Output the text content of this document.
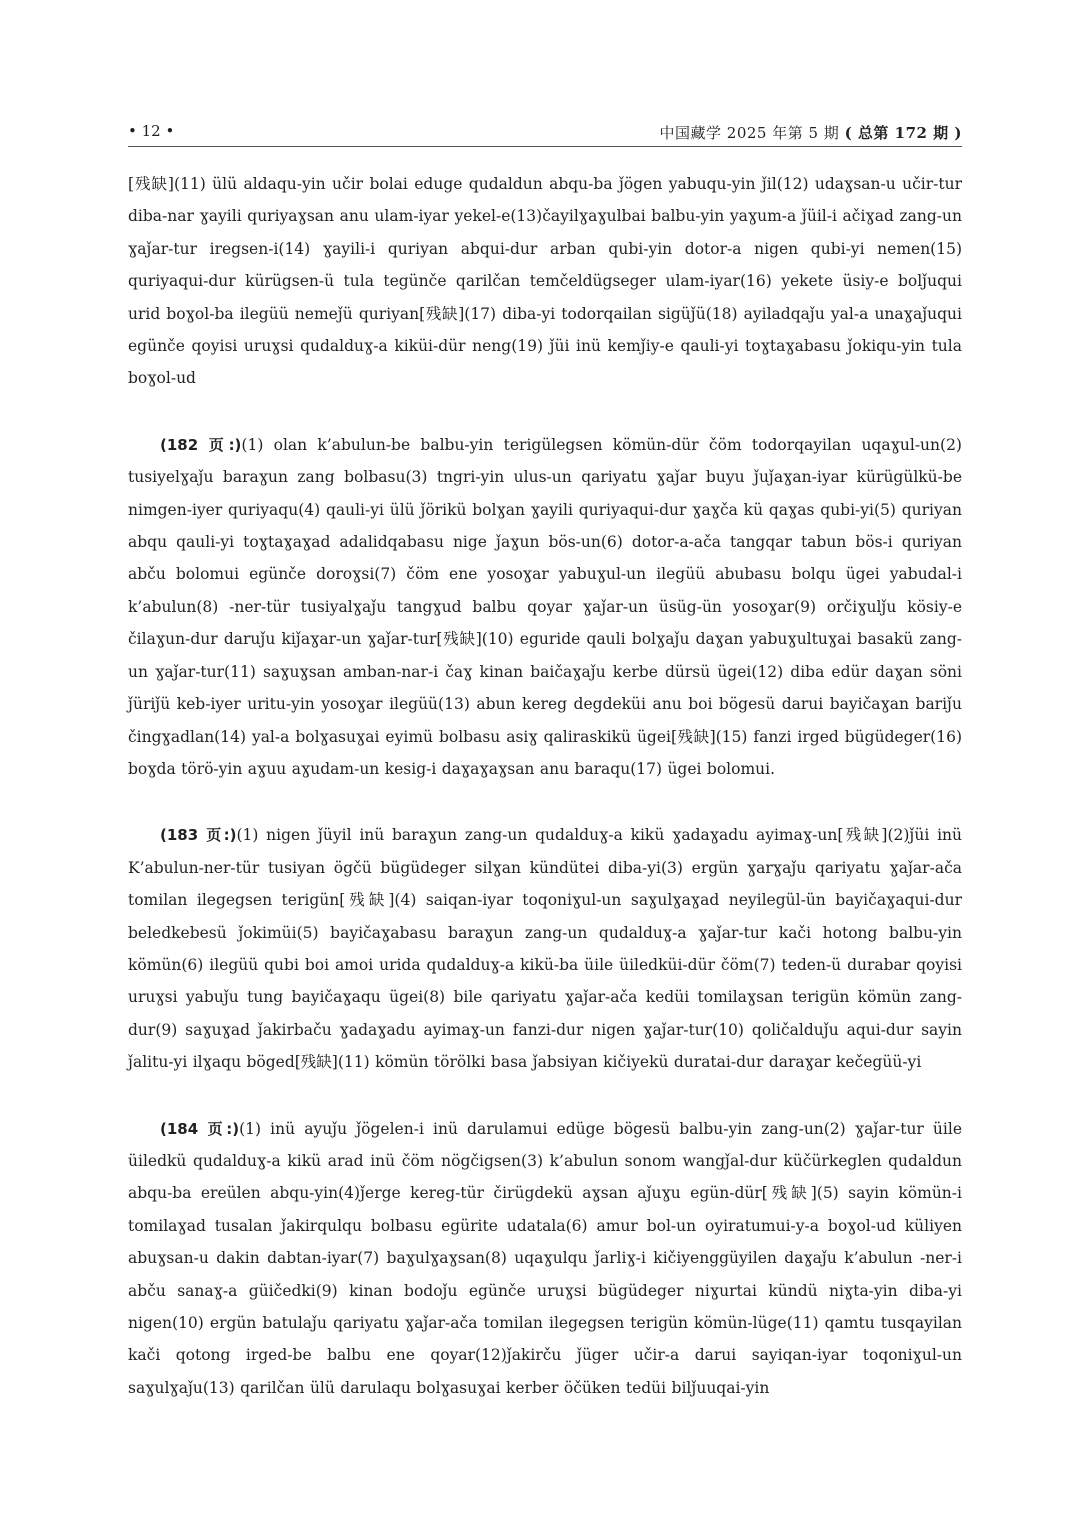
• 12 •	中国藏学 2025 年第 5 期 ( 总第 172 期 )

[残缺](11) ülü aldaqu-yin učir bolai eduge qudaldun abqu-ba ǰögen yabuqu-yin ǰil(12) udaɣsan-u učir-tur diba-nar ɣayili quriyaɣsan anu ulam-iyar yekel-e(13)čayilɣaɣulbai balbu-yin yaɣum-a ǰüil-i ačiɣad zang-un ɣaǰar-tur iregsen-i(14) ɣayili-i quriyan abqui-dur arban qubi-yin dotor-a nigen qubi-yi nemen(15) quriyaqui-dur kürügsen-ü tula tegünče qarilčan temčeldügseger ulam-iyar(16) yekete üsiy-e bolǰuqui urid boɣol-ba ilegüü nemeǰü quriyan[残缺](17) diba-yi todorqailan sigüǰü(18) ayiladqaǰu yal-a unaɣaǰuqui egünče qoyisi uruɣsi qudalduɣ-a kiküi-dür neng(19) ǰüi inü kemǰiy-e qauli-yi toɣtaɣabasu ǰokiqu-yin tula boɣol-ud

(182 页:)(1) olan k’abulun-be balbu-yin terigülegsen kömün-dür čöm todorqayilan uqaɣul-un(2) tusiyelɣaǰu baraɣun zang bolbasu(3) tngri-yin ulus-un qariyatu ɣaǰar buyu ǰuǰaɣan-iyar kürügülkü-be nimgen-iyer quriyaqu(4) qauli-yi ülü ǰörikü bolɣan ɣayili quriyaqui-dur ɣaɣča kü qaɣas qubi-yi(5) quriyan abqu qauli-yi toɣtaɣaɣad adalidqabasu nige ǰaɣun bös-un(6) dotor-a-ača tangqar tabun bös-i quriyan abču bolomui egünče doroɣsi(7) čöm ene yosoɣar yabuɣul-un ilegüü abubasu bolqu ügei yabudal-i k’abulun(8) -ner-tür tusiyalɣaǰu tangɣud balbu qoyar ɣaǰar-un üsüg-ün yosoɣar(9) orčiɣulǰu kösiy-e čilaɣun-dur daruǰu kiǰaɣar-un ɣaǰar-tur[残缺](10) eguride qauli bolɣaǰu daɣan yabuɣultuɣai basakü zang-un ɣaǰar-tur(11) saɣuɣsan amban-nar-i čaɣ kinan baičaɣaǰu kerbe dürsü ügei(12) diba edür daɣan söni ǰüriǰü keb-iyer uritu-yin yosoɣar ilegüü(13) abun kereg degdeküi anu boi bögesü darui bayičaɣan bariǰu čingɣadlan(14) yal-a bolɣasuɣai eyimü bolbasu asiɣ qaliraskikü ügei[残缺](15) fanzi irged bügüdeger(16) boɣda törö-yin aɣuu aɣudam-un kesig-i daɣaɣaɣsan anu baraqu(17) ügei bolomui.

(183 页:)(1) nigen ǰüyil inü baraɣun zang-un qudalduɣ-a kikü ɣadaɣadu ayimaɣ-un[残缺](2)ǰüi inü K’abulun-ner-tür tusiyan ögčü bügüdeger silɣan kündütei diba-yi(3) ergün ɣarɣaǰu qariyatu ɣaǰar-ača tomilan ilegegsen terigün[残缺](4) saiqan-iyar toqoniɣul-un saɣulɣaɣad neyilegül-ün bayičaɣaqui-dur beledkebesü ǰokimüi(5) bayičaɣabasu baraɣun zang-un qudalduɣ-a ɣaǰar-tur kači hotong balbu-yin kömün(6) ilegüü qubi boi amoi urida qudalduɣ-a kikü-ba üile üiledküi-dür čöm(7) teden-ü durabar qoyisi uruɣsi yabuǰu tung bayičaɣaqu ügei(8) bile qariyatu ɣaǰar-ača kedüi tomilaɣsan terigün kömün zang-dur(9) saɣuɣad ǰakirbaču ɣadaɣadu ayimaɣ-un fanzi-dur nigen ɣaǰar-tur(10) qoličalduǰu aqui-dur sayin ǰalitu-yi ilɣaqu böged[残缺](11) kömün törölki basa ǰabsiyan kičiyekü duratai-dur daraɣar kečegüü-yi

(184 页:)(1) inü ayuǰu ǰögelen-i inü darulamui edüge bögesü balbu-yin zang-un(2) ɣaǰar-tur üile üiledkü qudalduɣ-a kikü arad inü čöm nögčigsen(3) k’abulun sonom wangǰal-dur küčürkeglen qudaldun abqu-ba ereülen abqu-yin(4)ǰerge kereg-tür čirügdekü aɣsan aǰuɣu egün-dür[残缺](5) sayin kömün-i tomilaɣad tusalan ǰakirqulqu bolbasu egürite udatala(6) amur bol-un oyiratumui-y-a boɣol-ud küliyen abuɣsan-u dakin dabtan-iyar(7) baɣulɣaɣsan(8) uqaɣulqu ǰarliɣ-i kičiyenggüyilen daɣaǰu k’abulun -ner-i abču sanaɣ-a güičedki(9) kinan bodoǰu egünče uruɣsi bügüdeger niɣurtai kündü niɣta-yin diba-yi nigen(10) ergün batulaǰu qariyatu ɣaǰar-ača tomilan ilegegsen terigün kömün-lüge(11) qamtu tusqayilan kači qotong irged-be balbu ene qoyar(12)ǰakirču ǰüger učir-a darui sayiqan-iyar toqoniɣul-un saɣulɣaǰu(13) qarilčan ülü darulaqu bolɣasuɣai kerber öčüken tedüi bilǰuuqai-yin
